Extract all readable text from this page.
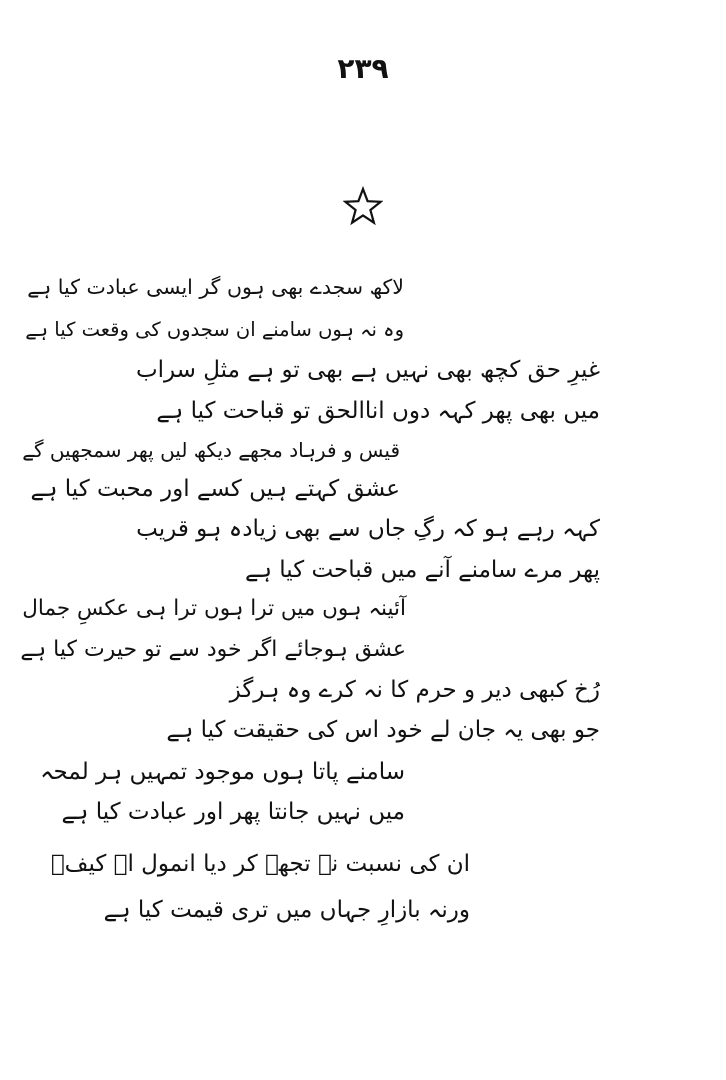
۲۳۹
لاکھ سجدے بھی ہوں گر ایسی عبادت کیا ہے
وہ نہ ہوں سامنے ان سجدوں کی وقعت کیا ہے
غیرِ حق کچھ بھی نہیں ہے بھی تو ہے مثلِ سراب
میں بھی پھر کہہ دوں اناالحق تو قباحت کیا ہے
قیس و فرہاد مجھے دیکھ لیں پھر سمجھیں گے
عشق کہتے ہیں کسے اور محبت کیا ہے
کہہ رہے ہو کہ رگِ جاں سے بھی زیادہ ہو قریب
پھر مرے سامنے آنے میں قباحت کیا ہے
آئینہ ہوں میں ترا ہوں ترا ہی عکسِ جمال
عشق ہوجائے اگر خود سے تو حیرت کیا ہے
رُخ کبھی دیر و حرم کا نہ کرے وہ ہرگز
جو بھی یہ جان لے خود اس کی حقیقت کیا ہے
سامنے پاتا ہوں موجود تمہیں ہر لمحہ
میں نہیں جانتا پھر اور عبادت کیا ہے
ان کی نسبت نے تجھے کر دیا انمول اے کیفؔ
ورنہ بازارِ جہاں میں تری قیمت کیا ہے
